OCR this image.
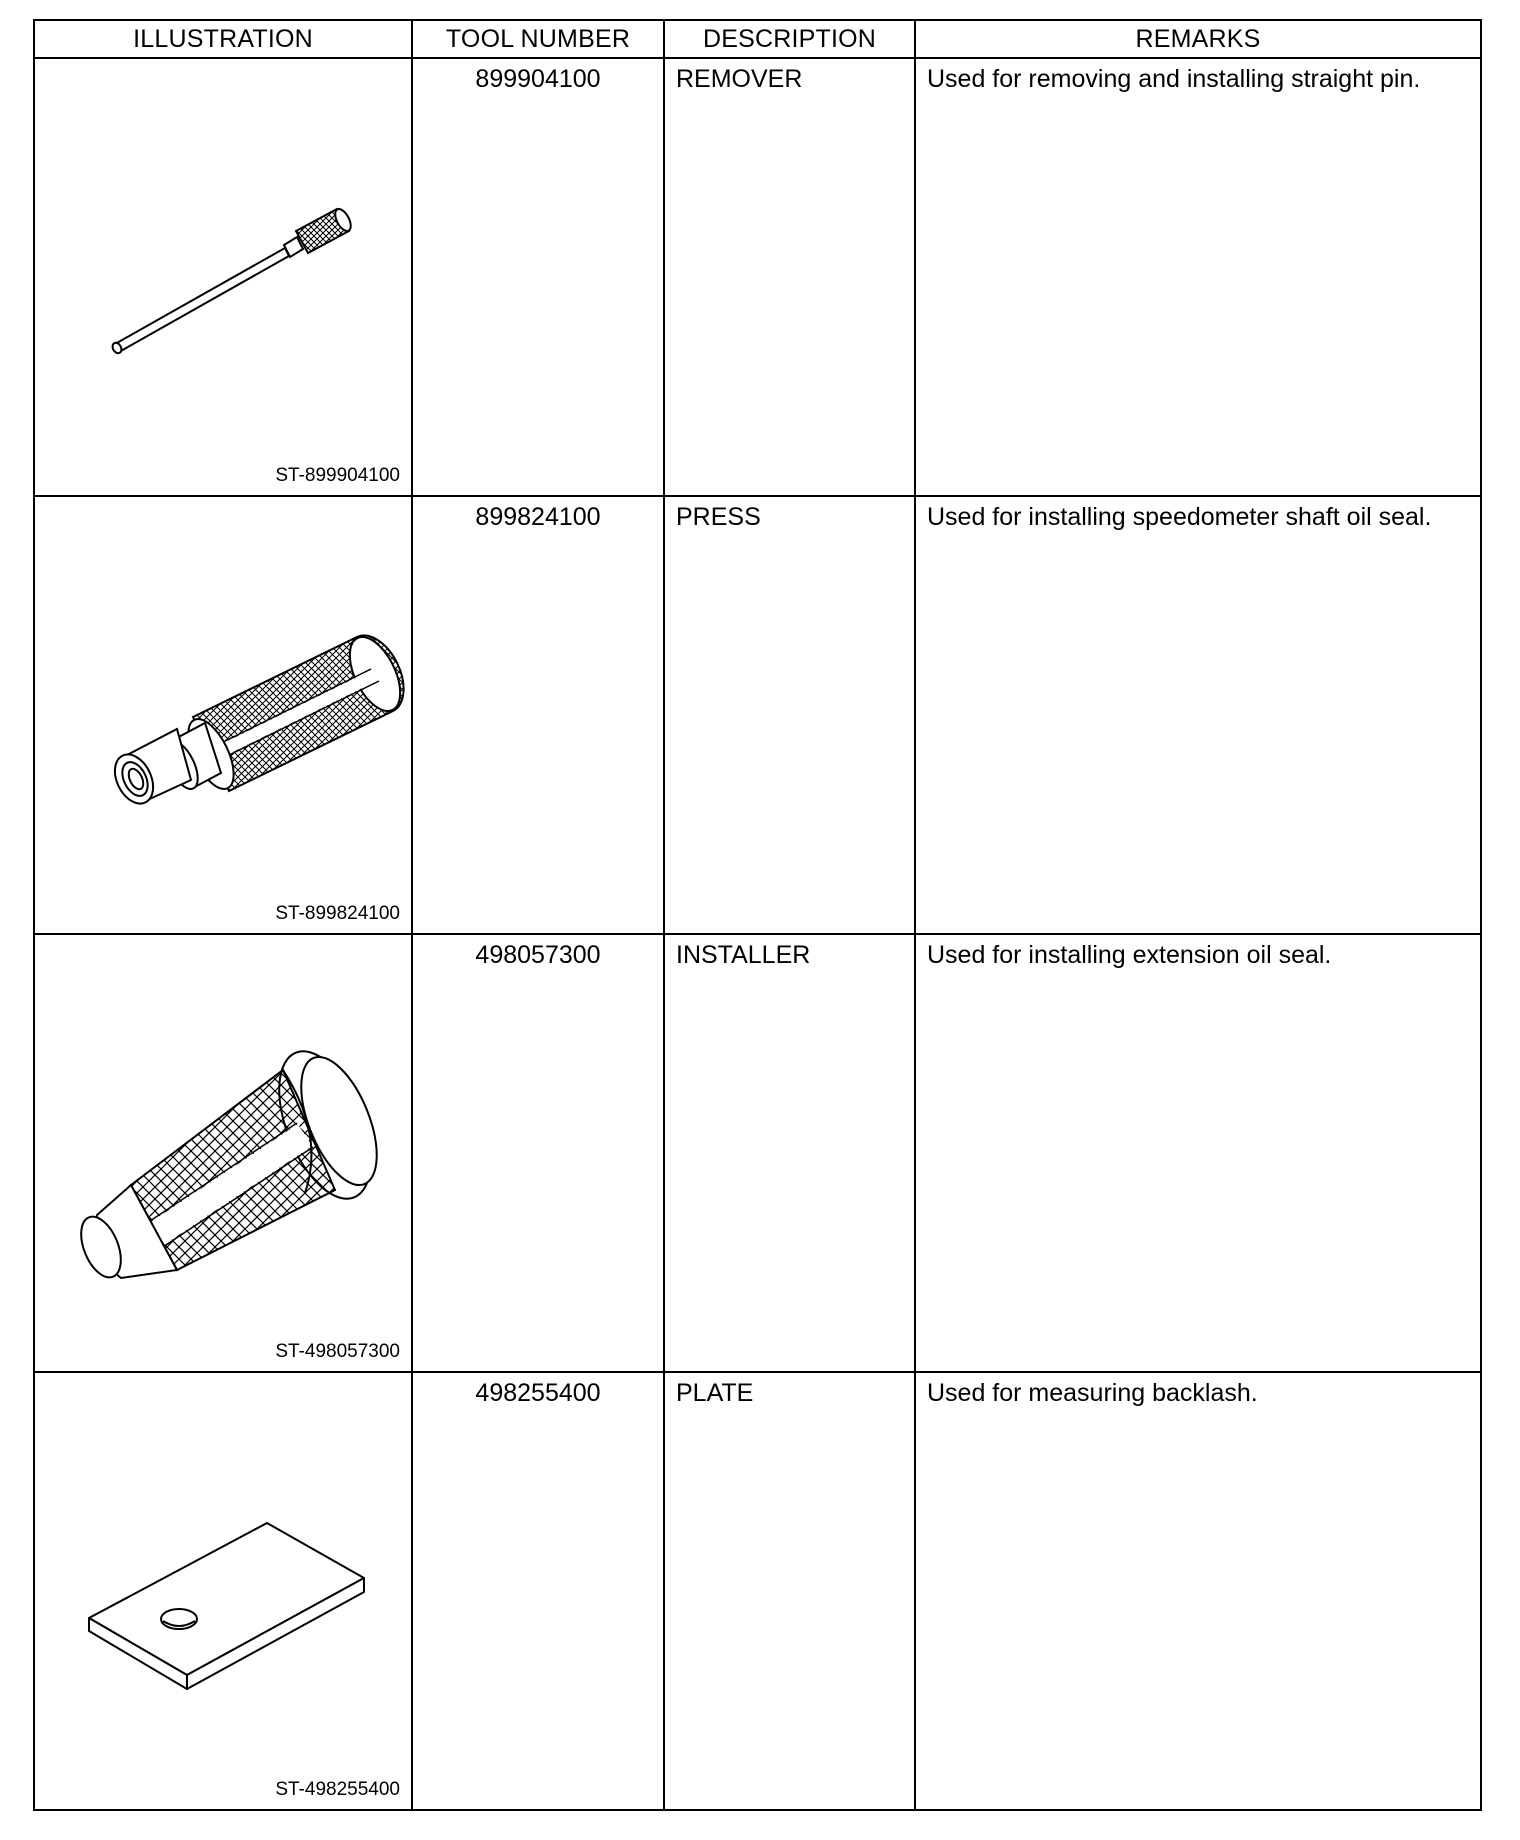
ILLUSTRATION	TOOL NUMBER	DESCRIPTION	REMARKS

ST-899904100	899904100	REMOVER	Used for removing and installing straight pin.

ST-899824100	899824100	PRESS	Used for installing speedometer shaft oil seal.

ST-498057300	498057300	INSTALLER	Used for installing extension oil seal.

ST-498255400	498255400	PLATE	Used for measuring backlash.
